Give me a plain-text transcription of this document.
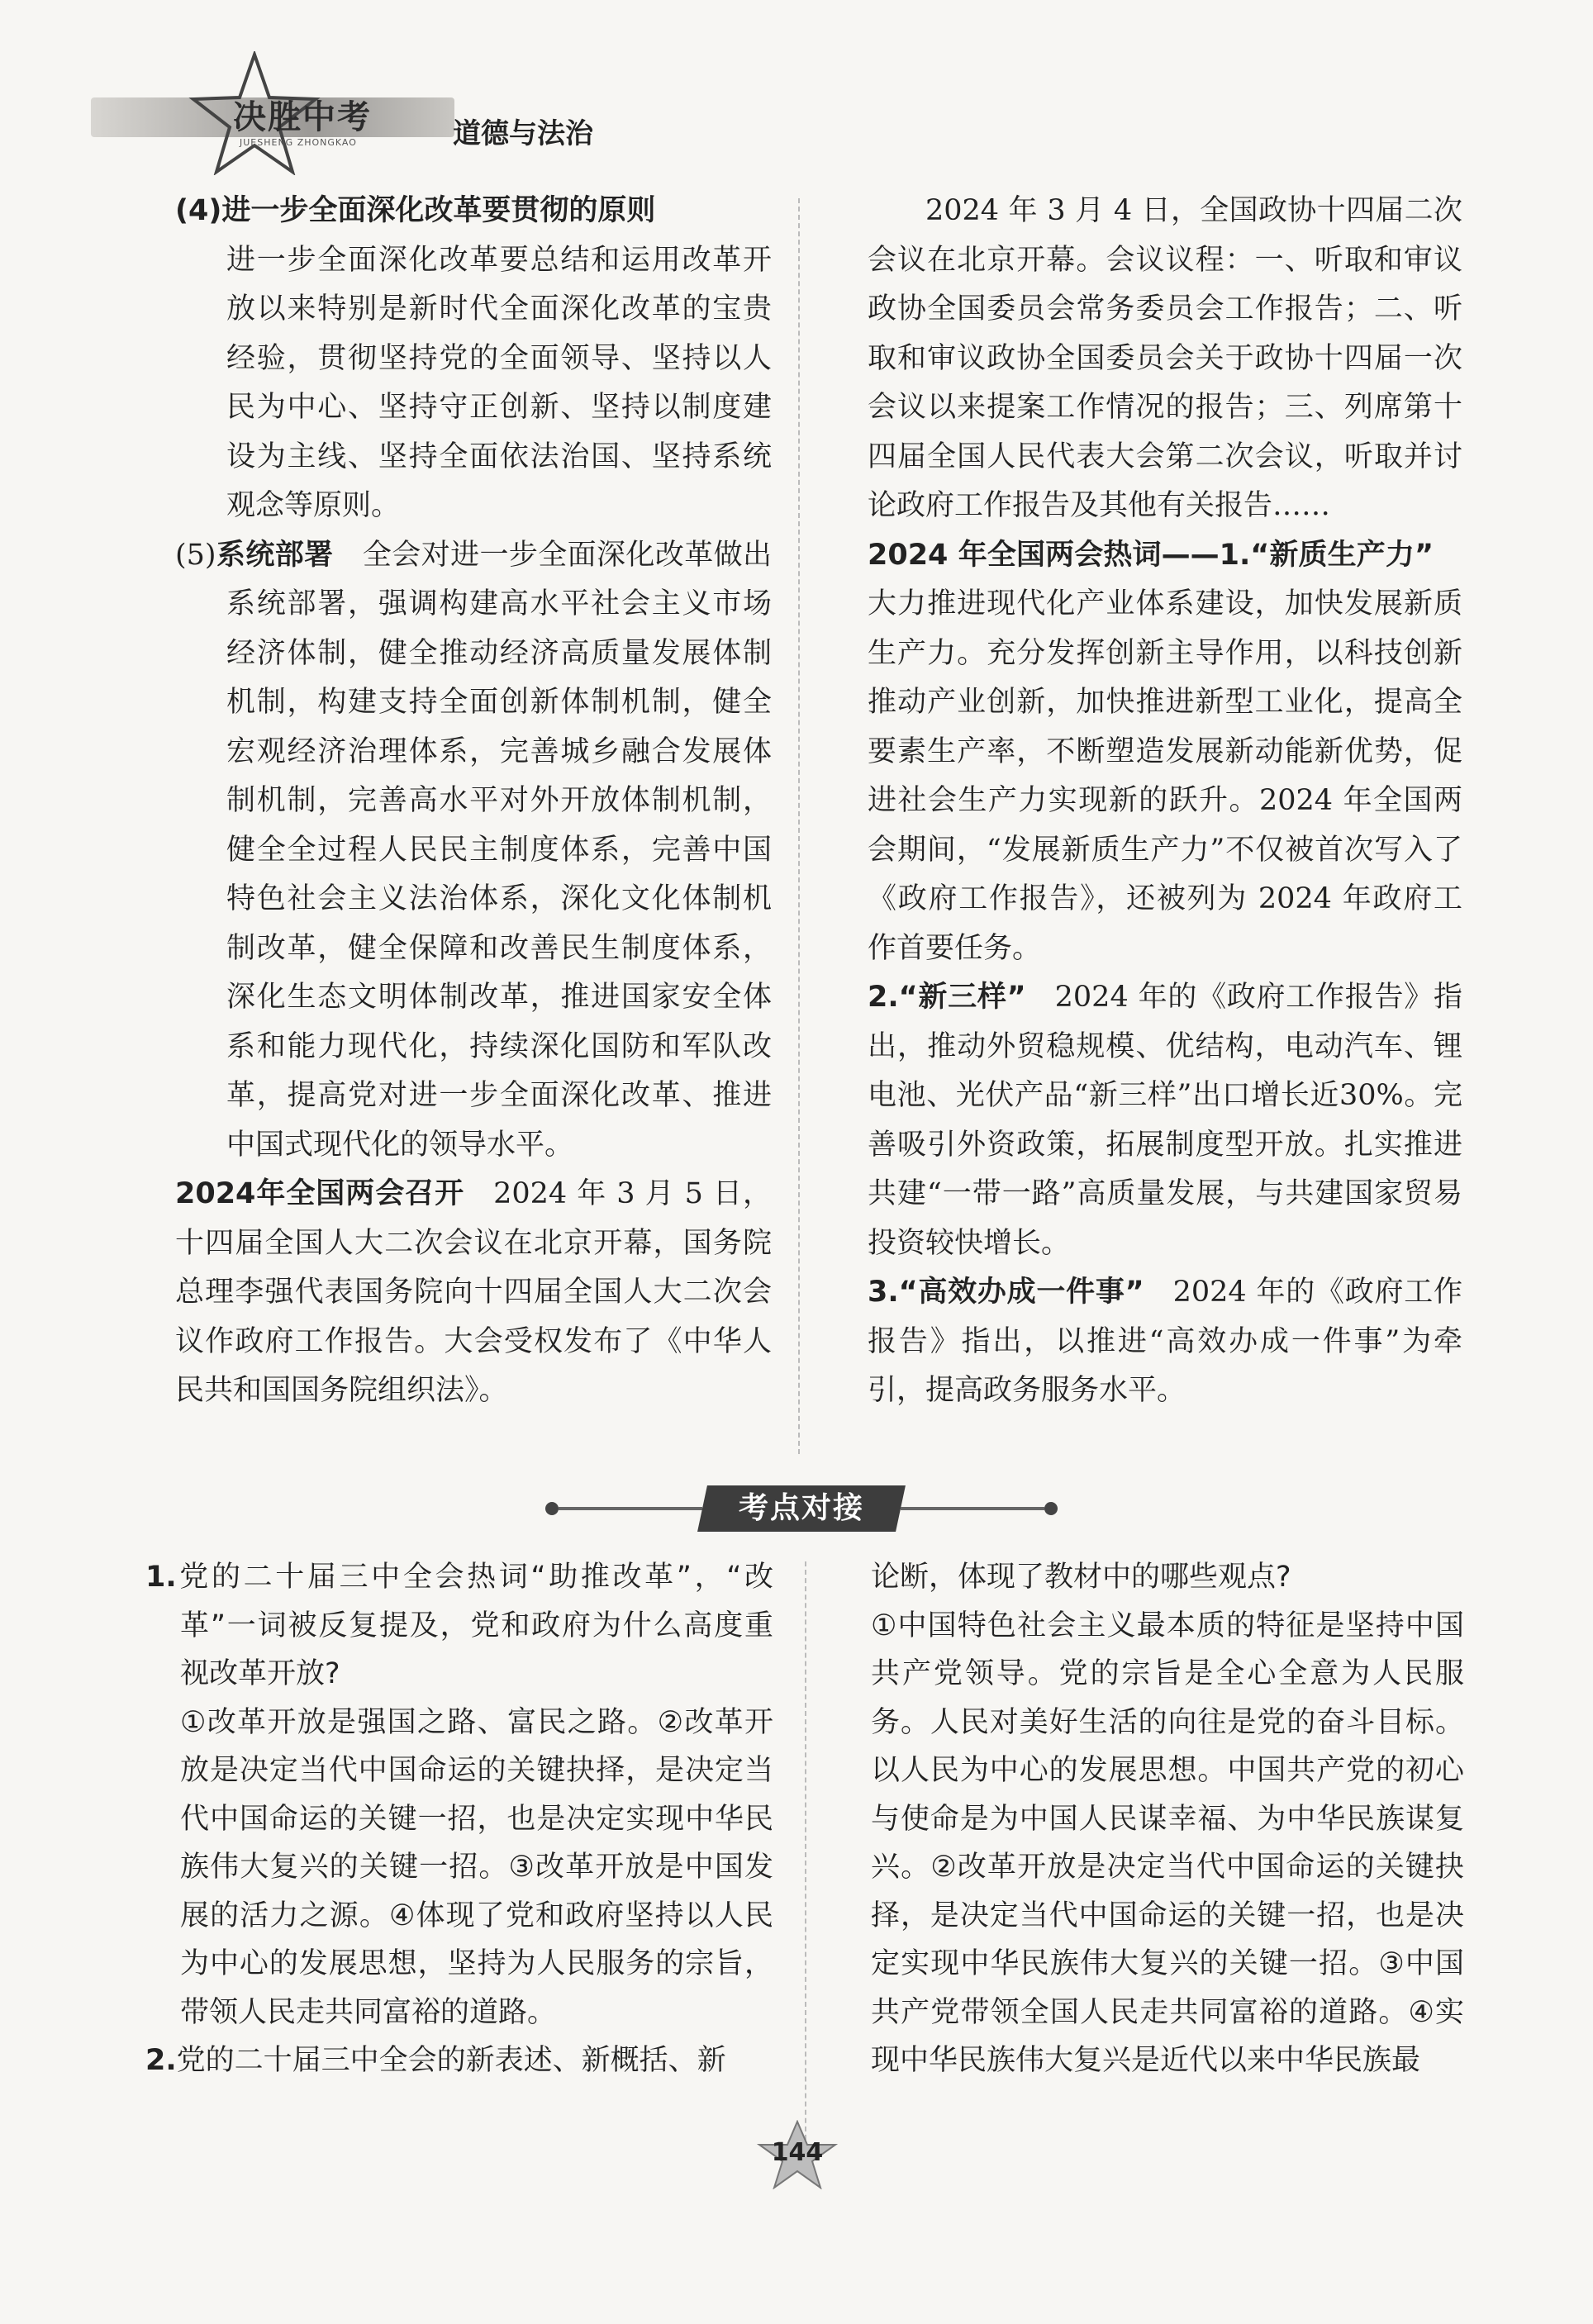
决胜中考
JUESHENG ZHONGKAO	道德与法治

(4)进一步全面深化改革要贯彻的原则

进一步全面深化改革要总结和运用改革开放以来特别是新时代全面深化改革的宝贵经验，贯彻坚持党的全面领导、坚持以人民为中心、坚持守正创新、坚持以制度建设为主线、坚持全面依法治国、坚持系统观念等原则。

(5)系统部署  全会对进一步全面深化改革做出系统部署，强调构建高水平社会主义市场经济体制，健全推动经济高质量发展体制机制，构建支持全面创新体制机制，健全宏观经济治理体系，完善城乡融合发展体制机制，完善高水平对外开放体制机制，健全全过程人民民主制度体系，完善中国特色社会主义法治体系，深化文化体制机制改革，健全保障和改善民生制度体系，深化生态文明体制改革，推进国家安全体系和能力现代化，持续深化国防和军队改革，提高党对进一步全面深化改革、推进中国式现代化的领导水平。

2024年全国两会召开  2024 年 3 月 5 日，十四届全国人大二次会议在北京开幕，国务院总理李强代表国务院向十四届全国人大二次会议作政府工作报告。大会受权发布了《中华人民共和国国务院组织法》。

2024 年 3 月 4 日，全国政协十四届二次会议在北京开幕。会议议程：一、听取和审议政协全国委员会常务委员会工作报告；二、听取和审议政协全国委员会关于政协十四届一次会议以来提案工作情况的报告；三、列席第十四届全国人民代表大会第二次会议，听取并讨论政府工作报告及其他有关报告……

2024 年全国两会热词——1.“新质生产力” 大力推进现代化产业体系建设，加快发展新质生产力。充分发挥创新主导作用，以科技创新推动产业创新，加快推进新型工业化，提高全要素生产率，不断塑造发展新动能新优势，促进社会生产力实现新的跃升。2024 年全国两会期间，“发展新质生产力”不仅被首次写入了《政府工作报告》，还被列为 2024 年政府工作首要任务。

2.“新三样”  2024 年的《政府工作报告》指出，推动外贸稳规模、优结构，电动汽车、锂电池、光伏产品“新三样”出口增长近30%。完善吸引外资政策，拓展制度型开放。扎实推进共建“一带一路”高质量发展，与共建国家贸易投资较快增长。

3.“高效办成一件事”  2024 年的《政府工作报告》指出，以推进“高效办成一件事”为牵引，提高政务服务水平。

考点对接

1.党的二十届三中全会热词“助推改革”，“改革”一词被反复提及，党和政府为什么高度重视改革开放?

①改革开放是强国之路、富民之路。②改革开放是决定当代中国命运的关键抉择，是决定当代中国命运的关键一招，也是决定实现中华民族伟大复兴的关键一招。③改革开放是中国发展的活力之源。④体现了党和政府坚持以人民为中心的发展思想，坚持为人民服务的宗旨，带领人民走共同富裕的道路。

2.党的二十届三中全会的新表述、新概括、新

论断，体现了教材中的哪些观点?

①中国特色社会主义最本质的特征是坚持中国共产党领导。党的宗旨是全心全意为人民服务。人民对美好生活的向往是党的奋斗目标。以人民为中心的发展思想。中国共产党的初心与使命是为中国人民谋幸福、为中华民族谋复兴。②改革开放是决定当代中国命运的关键抉择，是决定当代中国命运的关键一招，也是决定实现中华民族伟大复兴的关键一招。③中国共产党带领全国人民走共同富裕的道路。④实现中华民族伟大复兴是近代以来中华民族最

144
